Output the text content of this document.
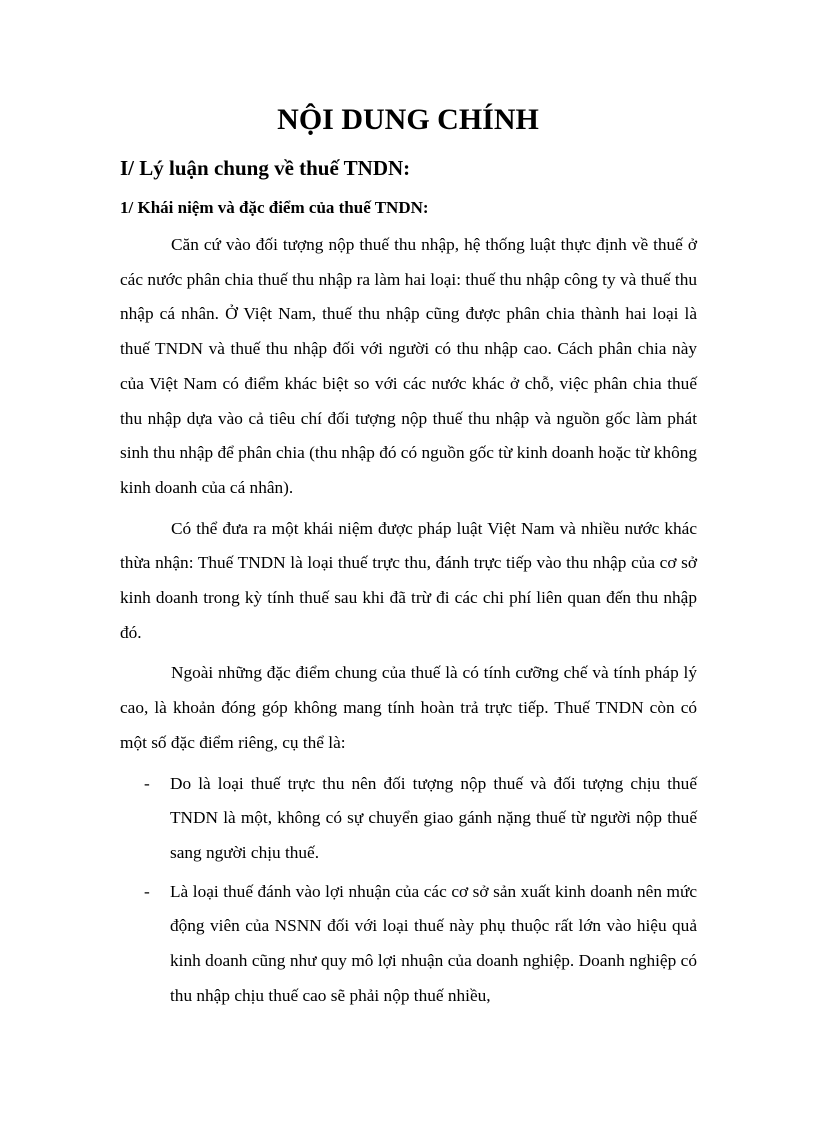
NỘI DUNG CHÍNH
I/ Lý luận chung về thuế TNDN:
1/ Khái niệm và đặc điểm của thuế TNDN:

Căn cứ vào đối tượng nộp thuế thu nhập, hệ thống luật thực định về thuế ở các nước phân chia thuế thu nhập ra làm hai loại: thuế thu nhập công ty và thuế thu nhập cá nhân. Ở Việt Nam, thuế thu nhập cũng được phân chia thành hai loại là thuế TNDN và thuế thu nhập đối với người có thu nhập cao. Cách phân chia này của Việt Nam có điểm khác biệt so với các nước khác ở chỗ, việc phân chia thuế thu nhập dựa vào cả tiêu chí đối tượng nộp thuế thu nhập và nguồn gốc làm phát sinh thu nhập để phân chia (thu nhập đó có nguồn gốc từ kinh doanh hoặc từ không kinh doanh của cá nhân).

Có thể đưa ra một khái niệm được pháp luật Việt Nam và nhiều nước khác thừa nhận: Thuế TNDN là loại thuế trực thu, đánh trực tiếp vào thu nhập của cơ sở kinh doanh trong kỳ tính thuế sau khi đã trừ đi các chi phí liên quan đến thu nhập đó.

Ngoài những đặc điểm chung của thuế là có tính cưỡng chế và tính pháp lý cao, là khoản đóng góp không mang tính hoàn trả trực tiếp. Thuế TNDN còn có một số đặc điểm riêng, cụ thể là:

- Do là loại thuế trực thu nên đối tượng nộp thuế và đối tượng chịu thuế TNDN là một, không có sự chuyển giao gánh nặng thuế từ người nộp thuế sang người chịu thuế.
- Là loại thuế đánh vào lợi nhuận của các cơ sở sản xuất kinh doanh nên mức động viên của NSNN đối với loại thuế này phụ thuộc rất lớn vào hiệu quả kinh doanh cũng như quy mô lợi nhuận của doanh nghiệp. Doanh nghiệp có thu nhập chịu thuế cao sẽ phải nộp thuế nhiều,
